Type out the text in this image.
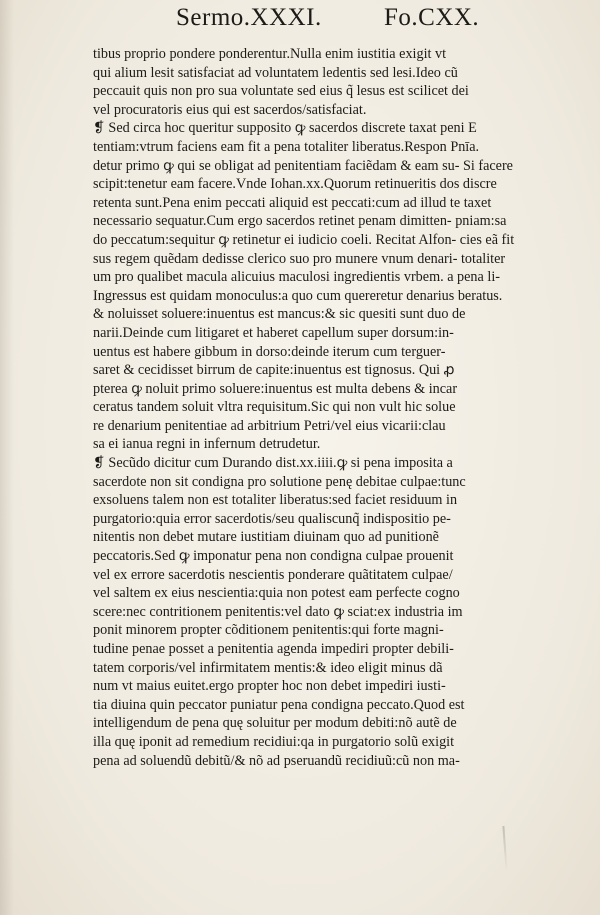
Sermo.XXXI. Fo.CXX.
tibus proprio pondere ponderentur.Nulla enim iustitia exigit vt
qui alium lesit satisfaciat ad voluntatem ledentis sed lesi.Ideo cũ
peccauit quis non pro sua voluntate sed eius q̃ lesus est scilicet dei
vel procuratoris eius qui est sacerdos/satisfaciat.
❡ Sed circa hoc queritur supposito ꝙ sacerdos discrete taxat peni E
tentiam:vtrum faciens eam fit a pena totaliter liberatus.Respon Pnīa.
detur primo ꝙ qui se obligat ad penitentiam faciẽdam & eam su- Si facere
scipit:tenetur eam facere.Vnde Iohan.xx.Quorum retinueritis dos discre
retenta sunt.Pena enim peccati aliquid est peccati:cum ad illud te taxet
necessario sequatur.Cum ergo sacerdos retinet penam dimitten- pniam:sa
do peccatum:sequitur ꝙ retinetur ei iudicio coeli. Recitat Alfon- cies eã fit
sus regem quẽdam dedisse clerico suo pro munere vnum denari- totaliter
um pro qualibet macula alicuius maculosi ingredientis vrbem. a pena li-
Ingressus est quidam monoculus:a quo cum quereretur denarius beratus.
& noluisset soluere:inuentus est mancus:& sic quesiti sunt duo de
narii.Deinde cum litigaret et haberet capellum super dorsum:in-
uentus est habere gibbum in dorso:deinde iterum cum terguer-
saret & cecidisset birrum de capite:inuentus est tignosus. Qui ꝓ
pterea ꝙ noluit primo soluere:inuentus est multa debens & incar
ceratus tandem soluit vltra requisitum.Sic qui non vult hic solue
re denarium penitentiae ad arbitrium Petri/vel eius vicarii:clau
sa ei ianua regni in infernum detrudetur.
❡ Secũdo dicitur cum Durando dist.xx.iiii.ꝙ si pena imposita a
sacerdote non sit condigna pro solutione penę debitae culpae:tunc
exsoluens talem non est totaliter liberatus:sed faciet residuum in
purgatorio:quia error sacerdotis/seu qualiscunq̃ indispositio pe-
nitentis non debet mutare iustitiam diuinam quo ad punitionẽ
peccatoris.Sed ꝙ imponatur pena non condigna culpae prouenit
vel ex errore sacerdotis nescientis ponderare quãtitatem culpae/
vel saltem ex eius nescientia:quia non potest eam perfecte cogno
scere:nec contritionem penitentis:vel dato ꝙ sciat:ex industria im
ponit minorem propter cõditionem penitentis:qui forte magni-
tudine penae posset a penitentia agenda impediri propter debili-
tatem corporis/vel infirmitatem mentis:& ideo eligit minus dã
num vt maius euitet.ergo propter hoc non debet impediri iusti-
tia diuina quin peccator puniatur pena condigna peccato.Quod est
intelligendum de pena quę soluitur per modum debiti:nõ autẽ de
illa quę iponit ad remedium recidiui:qa in purgatorio solũ exigit
pena ad soluendũ debitũ/& nõ ad pseruandũ recidiuũ:cũ non ma-
